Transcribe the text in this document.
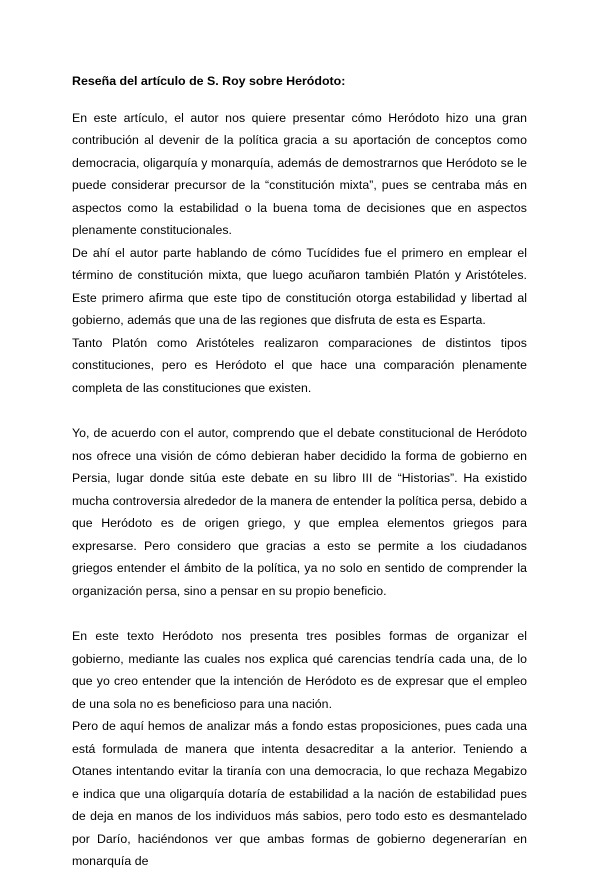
Reseña del artículo de S. Roy sobre Heródoto:

En este artículo, el autor nos quiere presentar cómo Heródoto hizo una gran contribución al devenir de la política gracia a su aportación de conceptos como democracia, oligarquía y monarquía, además de demostrarnos que Heródoto se le puede considerar precursor de la “constitución mixta”, pues se centraba más en aspectos como la estabilidad o la buena toma de decisiones que en aspectos plenamente constitucionales.

De ahí el autor parte hablando de cómo Tucídides fue el primero en emplear el término de constitución mixta, que luego acuñaron también Platón y Aristóteles. Este primero afirma que este tipo de constitución otorga estabilidad y libertad al gobierno, además que una de las regiones que disfruta de esta es Esparta.

Tanto Platón como Aristóteles realizaron comparaciones de distintos tipos constituciones, pero es Heródoto el que hace una comparación plenamente completa de las constituciones que existen.

Yo, de acuerdo con el autor, comprendo que el debate constitucional de Heródoto nos ofrece una visión de cómo debieran haber decidido la forma de gobierno en Persia, lugar donde sitúa este debate en su libro III de “Historias”. Ha existido mucha controversia alrededor de la manera de entender la política persa, debido a que Heródoto es de origen griego, y que emplea elementos griegos para expresarse. Pero considero que gracias a esto se permite a los ciudadanos griegos entender el ámbito de la política, ya no solo en sentido de comprender la organización persa, sino a pensar en su propio beneficio.

En este texto Heródoto nos presenta tres posibles formas de organizar el gobierno, mediante las cuales nos explica qué carencias tendría cada una, de lo que yo creo entender que la intención de Heródoto es de expresar que el empleo de una sola no es beneficioso para una nación.

Pero de aquí hemos de analizar más a fondo estas proposiciones, pues cada una está formulada de manera que intenta desacreditar a la anterior. Teniendo a Otanes intentando evitar la tiranía con una democracia, lo que rechaza Megabizo e indica que una oligarquía dotaría de estabilidad a la nación de estabilidad pues de deja en manos de los individuos más sabios, pero todo esto es desmantelado por Darío, haciéndonos ver que ambas formas de gobierno degenerarían en monarquía de
